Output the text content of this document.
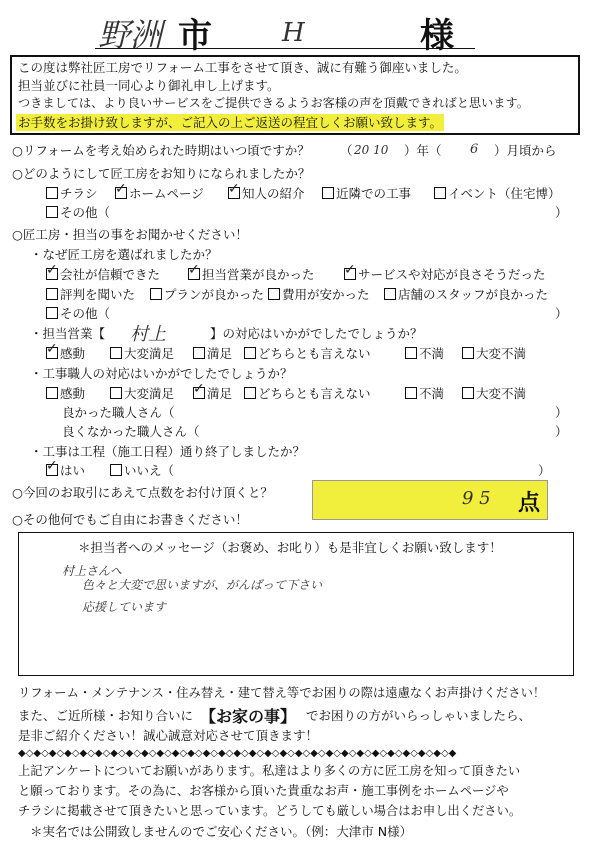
野洲 市	H	様
この度は弊社匠工房でリフォーム工事をさせて頂き、誠に有難う御座いました。
担当並びに社員一同心より御礼申し上げます。
つきましては、より良いサービスをご提供できるようお客様の声を頂戴できればと思います。
お手数をお掛け致しますが、ご記入の上ご返送の程宜しくお願い致します。
○リフォームを考え始められた時期はいつ頃ですか？ （ 20 10 ）年（ 6 ）月頃から
○どのようにして匠工房をお知りになられましたか？
チラシ ✓	ホームページ ✓	知人の紹介	近隣での工事	イベント（住宅博）
その他（	）
○匠工房・担当の事をお聞かせください！
・なぜ匠工房を選ばれましたか？
✓会社が信頼できた ✓	担当営業が良かった ✓	サービスや対応が良さそうだった
評判を聞いた	プランが良かった	費用が安かった	店舗のスタッフが良かった
その他（	）
・担当営業【 村上	】の対応はいかがでしたでしょうか？
✓感動	大変満足	満足	どちらとも言えない	不満	大変不満
・工事職人の対応はいかがでしたでしょうか？
感動	大変満足 ✓	満足	どちらとも言えない	不満	大変不満
良かった職人さん（	）
良くなかった職人さん（	）
・工事は工程（施工日程）通り終了しましたか？
✓はい	いいえ（	）
○今回のお取引にあえて点数をお付け頂くと？	9 5 点
○その他何でもご自由にお書きください！
＊担当者へのメッセージ（お褒め、お叱り）も是非宜しくお願い致します！
村上さんへ
色々と大変で思いますが、がんばって下さい
応援しています
リフォーム・メンテナンス・住み替え・建て替え等でお困りの際は遠慮なくお声掛けください！
また、ご近所様・お知り合いに 【お家の事】 でお困りの方がいらっしゃいましたら、
是非ご紹介ください！誠心誠意対応させて頂きます！
◆◇◆◇◆◇◆◇◆◇◆◇◆◇◆◇◆◇◆◇◆◇◆◇◆◇◆◇◆◇◆◇◆◇◆◇◆◇◆◇◆◇◆◇◆◇◆◇◆◇◆◇◆◇◆◇◆
上記アンケートについてお願いがあります。私達はより多くの方に匠工房を知って頂きたい
と願っております。その為に、お客様から頂いた貴重なお声・施工事例をホームページや
チラシに掲載させて頂きたいと思っています。どうしても厳しい場合はお申し出ください。
＊実名では公開致しませんのでご安心ください。（例：大津市 N様）
